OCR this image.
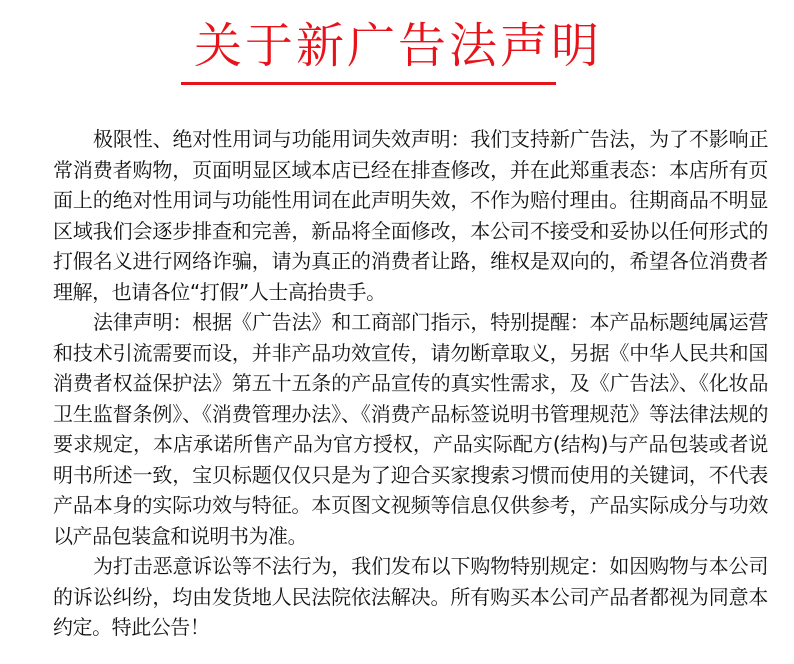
关于新广告法声明

极限性、绝对性用词与功能用词失效声明：我们支持新广告法，为了不影响正常消费者购物，页面明显区域本店已经在排查修改，并在此郑重表态：本店所有页面上的绝对性用词与功能性用词在此声明失效，不作为赔付理由。往期商品不明显区域我们会逐步排查和完善，新品将全面修改，本公司不接受和妥协以任何形式的打假名义进行网络诈骗，请为真正的消费者让路，维权是双向的，希望各位消费者理解，也请各位“打假”人士高抬贵手。

法律声明：根据《广告法》和工商部门指示，特别提醒：本产品标题纯属运营和技术引流需要而设，并非产品功效宣传，请勿断章取义，另据《中华人民共和国消费者权益保护法》第五十五条的产品宣传的真实性需求，及《广告法》、《化妆品卫生监督条例》、《消费管理办法》、《消费产品标签说明书管理规范》等法律法规的要求规定，本店承诺所售产品为官方授权，产品实际配方(结构)与产品包装或者说明书所述一致，宝贝标题仅仅只是为了迎合买家搜索习惯而使用的关键词，不代表产品本身的实际功效与特征。本页图文视频等信息仅供参考，产品实际成分与功效以产品包装盒和说明书为准。

为打击恶意诉讼等不法行为，我们发布以下购物特别规定：如因购物与本公司的诉讼纠纷，均由发货地人民法院依法解决。所有购买本公司产品者都视为同意本约定。特此公告！
